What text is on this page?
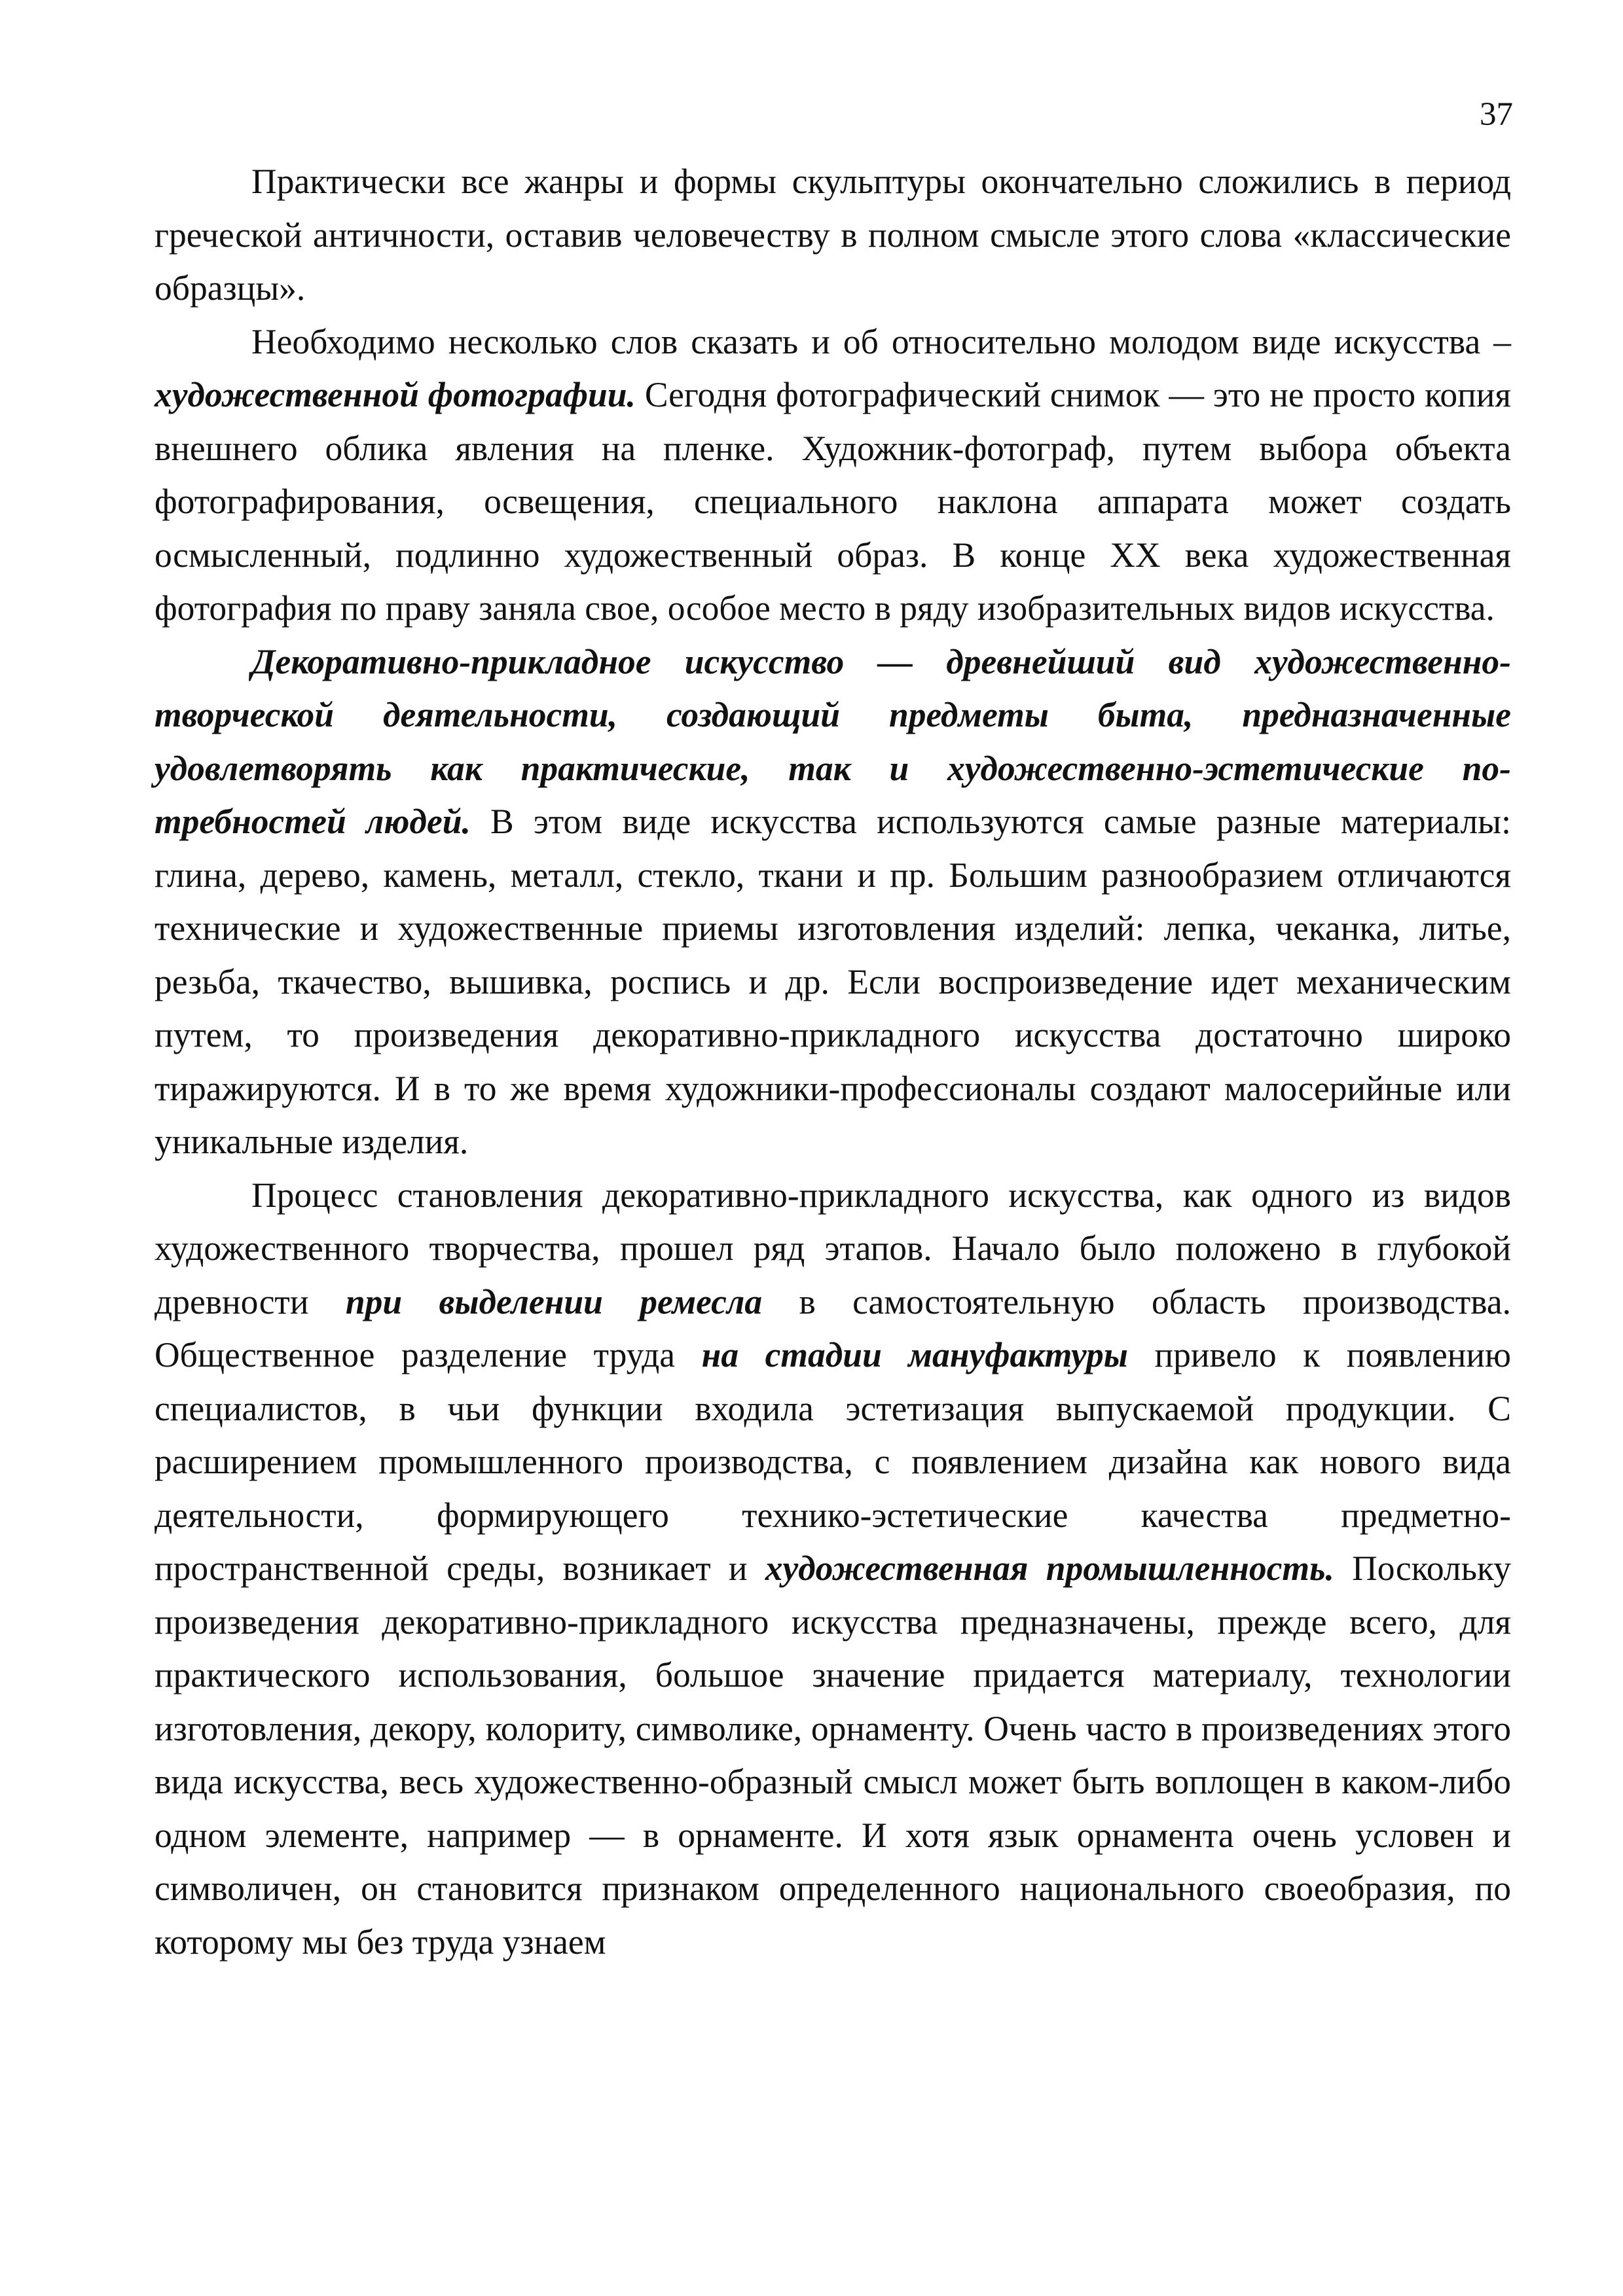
37

Практически все жанры и формы скульптуры окончательно сложились в период греческой античности, оставив человечеству в полном смысле этого слова «классические образцы».

Необходимо несколько слов сказать и об относительно молодом виде искусства – художественной фотографии. Сегодня фотографический снимок — это не просто копия внешнего облика явления на пленке. Художник-фотограф, путем выбора объекта фотографирования, освещения, специального наклона аппарата может создать осмысленный, подлинно художественный образ. В конце XX века художественная фотография по праву заняла свое, особое место в ряду изобразительных видов искусства.

Декоративно-прикладное искусство — древнейший вид художественно-творческой деятельности, создающий предметы быта, предназначенные удовлетворять как практические, так и художественно-эстетические потребностей людей. В этом виде искусства используются самые разные материалы: глина, дерево, камень, металл, стекло, ткани и пр. Большим разнообразием отличаются технические и художественные приемы изготовления изделий: лепка, чеканка, литье, резьба, ткачество, вышивка, роспись и др. Если воспроизведение идет механическим путем, то произведения декоративно-прикладного искусства достаточно широко тиражируются. И в то же время художники-профессионалы создают малосерийные или уникальные изделия.

Процесс становления декоративно-прикладного искусства, как одного из видов художественного творчества, прошел ряд этапов. Начало было положено в глубокой древности при выделении ремесла в самостоятельную область производства. Общественное разделение труда на стадии мануфактуры привело к появлению специалистов, в чьи функции входила эстетизация выпускаемой продукции. С расширением промышленного производства, с появлением дизайна как нового вида деятельности, формирующего технико-эстетические качества предметно-пространственной среды, возникает и художественная промышленность. Поскольку произведения декоративно-прикладного искусства предназначены, прежде всего, для практического использования, большое значение придается материалу, технологии изготовления, декору, колориту, символике, орнаменту. Очень часто в произведениях этого вида искусства, весь художественно-образный смысл может быть воплощен в каком-либо одном элементе, например — в орнаменте. И хотя язык орнамента очень условен и символичен, он становится признаком определенного национального своеобразия, по которому мы без труда узнаем
